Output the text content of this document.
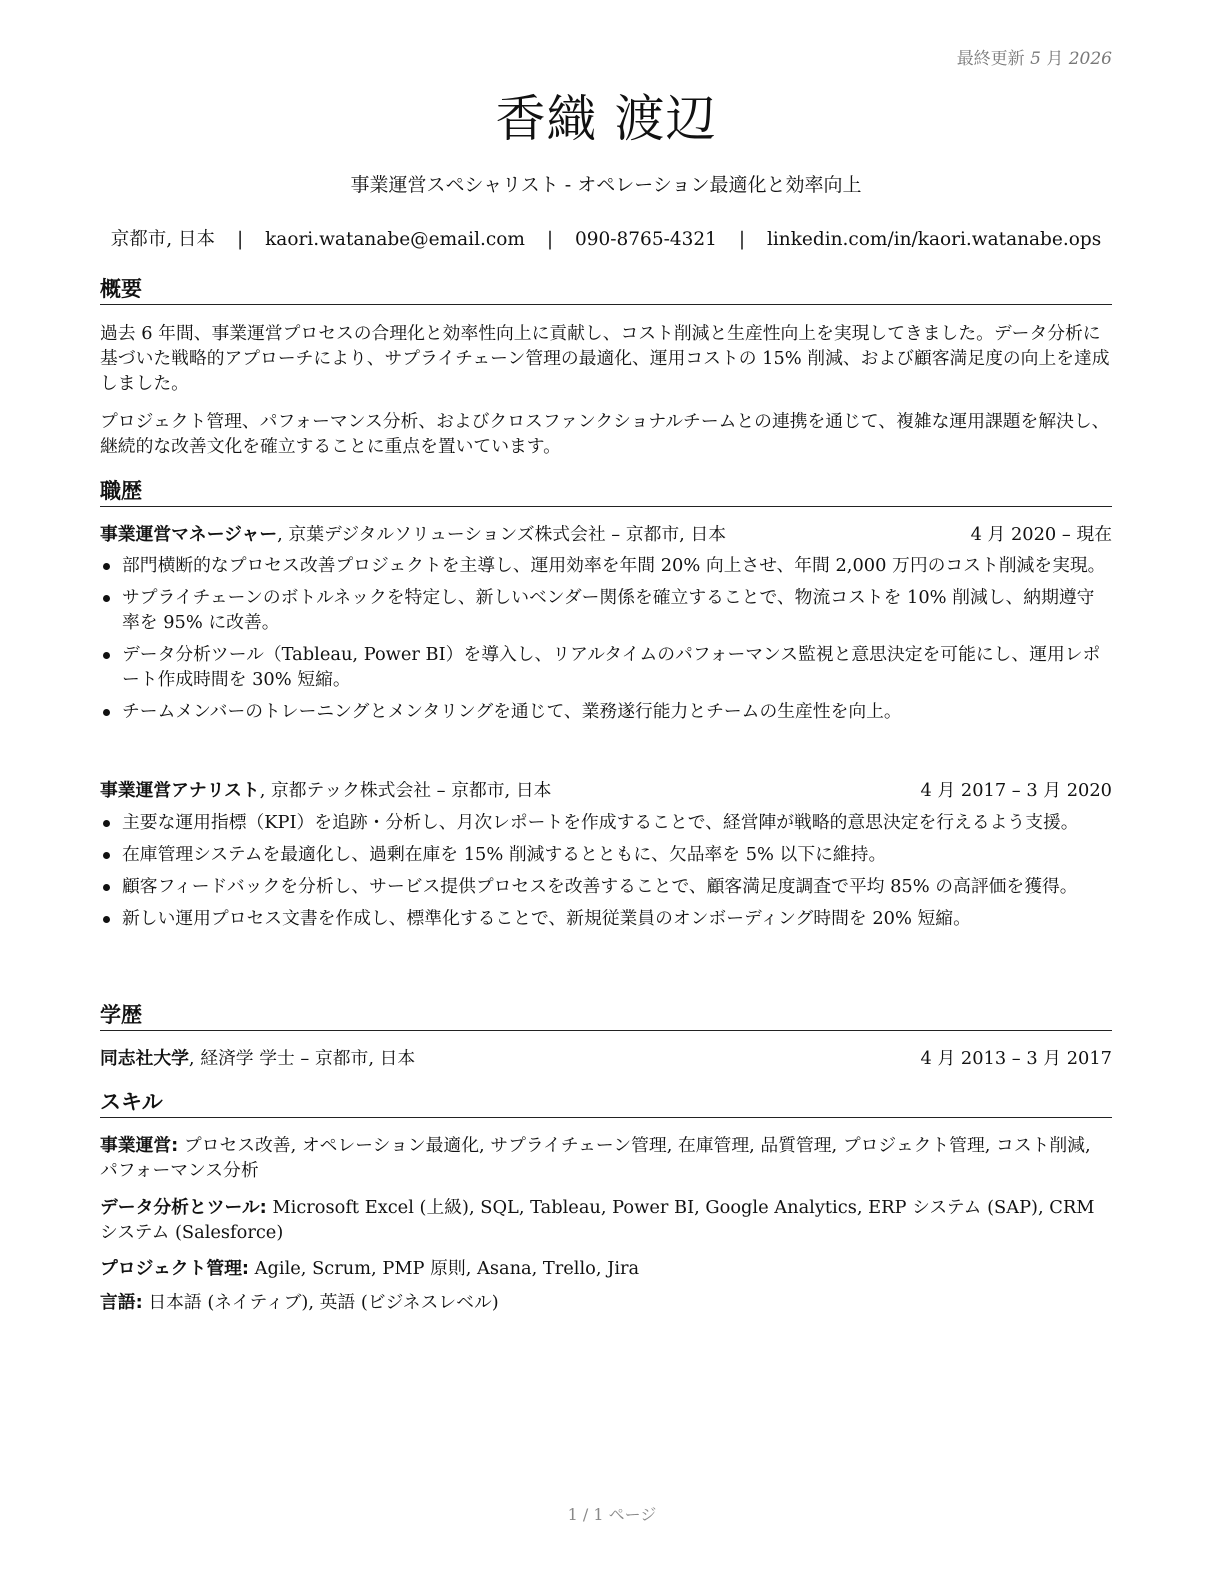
最終更新 5 月 2026
香織 渡辺
事業運営スペシャリスト - オペレーション最適化と効率向上
京都市, 日本 | kaori.watanabe@email.com | 090-8765-4321 | linkedin.com/in/kaori.watanabe.ops
概要

過去 6 年間、事業運営プロセスの合理化と効率性向上に貢献し、コスト削減と生産性向上を実現してきました。データ分析に基づいた戦略的アプローチにより、サプライチェーン管理の最適化、運用コストの 15% 削減、および顧客満足度の向上を達成しました。

プロジェクト管理、パフォーマンス分析、およびクロスファンクショナルチームとの連携を通じて、複雑な運用課題を解決し、継続的な改善文化を確立することに重点を置いています。

職歴
事業運営マネージャー, 京葉デジタルソリューションズ株式会社 – 京都市, 日本	4 月 2020 – 現在
部門横断的なプロセス改善プロジェクトを主導し、運用効率を年間 20% 向上させ、年間 2,000 万円のコスト削減を実現。
サプライチェーンのボトルネックを特定し、新しいベンダー関係を確立することで、物流コストを 10% 削減し、納期遵守率を 95% に改善。
データ分析ツール（Tableau, Power BI）を導入し、リアルタイムのパフォーマンス監視と意思決定を可能にし、運用レポート作成時間を 30% 短縮。
チームメンバーのトレーニングとメンタリングを通じて、業務遂行能力とチームの生産性を向上。
事業運営アナリスト, 京都テック株式会社 – 京都市, 日本	4 月 2017 – 3 月 2020
主要な運用指標（KPI）を追跡・分析し、月次レポートを作成することで、経営陣が戦略的意思決定を行えるよう支援。
在庫管理システムを最適化し、過剰在庫を 15% 削減するとともに、欠品率を 5% 以下に維持。
顧客フィードバックを分析し、サービス提供プロセスを改善することで、顧客満足度調査で平均 85% の高評価を獲得。
新しい運用プロセス文書を作成し、標準化することで、新規従業員のオンボーディング時間を 20% 短縮。
学歴
同志社大学, 経済学 学士 – 京都市, 日本	4 月 2013 – 3 月 2017
スキル
事業運営: プロセス改善, オペレーション最適化, サプライチェーン管理, 在庫管理, 品質管理, プロジェクト管理, コスト削減, パフォーマンス分析
データ分析とツール: Microsoft Excel (上級), SQL, Tableau, Power BI, Google Analytics, ERP システム (SAP), CRM システム (Salesforce)
プロジェクト管理: Agile, Scrum, PMP 原則, Asana, Trello, Jira
言語: 日本語 (ネイティブ), 英語 (ビジネスレベル)
1 / 1 ページ
